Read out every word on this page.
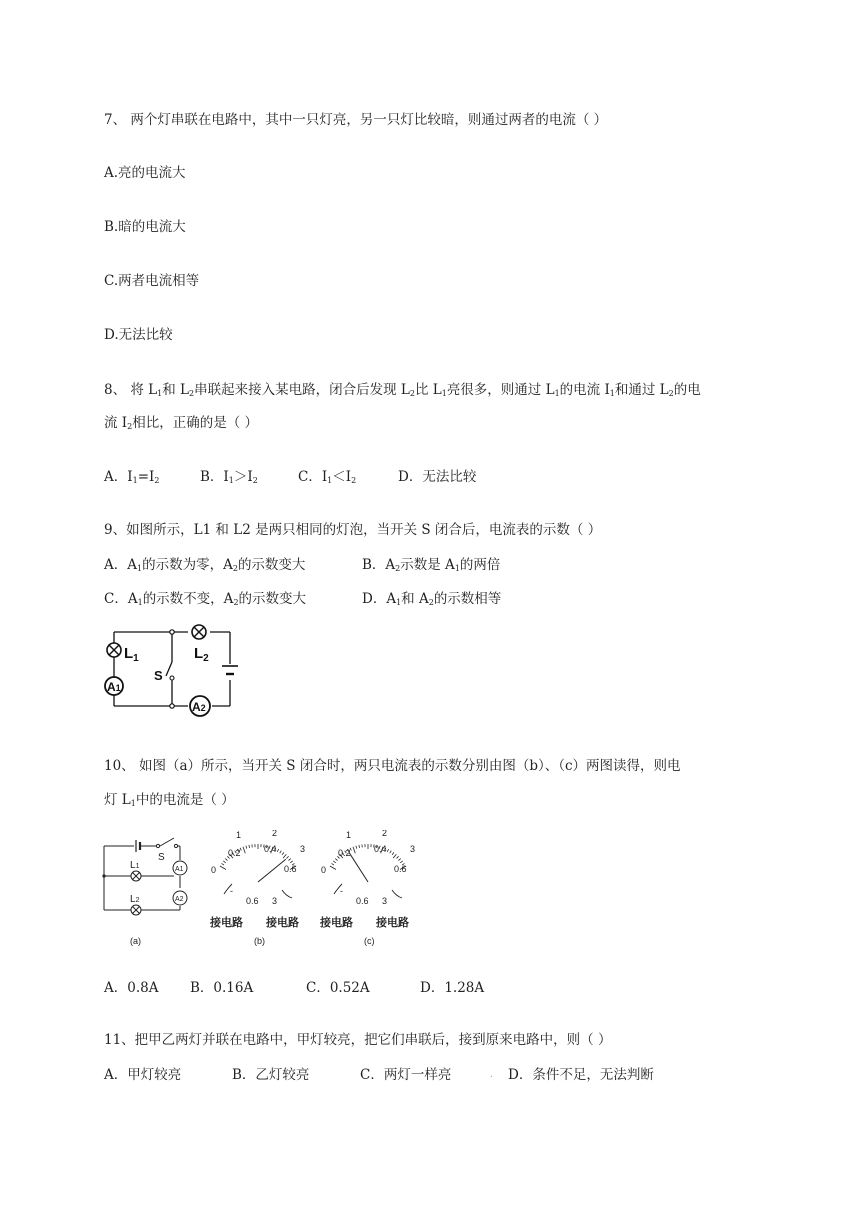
7、 两个灯串联在电路中，其中一只灯亮，另一只灯比较暗，则通过两者的电流（ ）
A.亮的电流大
B.暗的电流大
C.两者电流相等
D.无法比较
8、 将 $L_1$和 $L_2$串联起来接入某电路，闭合后发现 $L_2$比 $L_1$亮很多，则通过 $L_1$的电流 $I_1$和通过 $L_2$的电
流 $I_2$相比，正确的是（ ）
A．$I_1=I_2$	B．$I_1>I_2$	C．$I_1<I_2$	D．无法比较
9、如图所示，L1 和 L2 是两只相同的灯泡，当开关 S 闭合后，电流表的示数（ ）
A．$A_1$的示数为零，$A_2$的示数变大	B．$A_2$示数是 $A_1$的两倍
C．$A_1$的示数不变，$A_2$的示数变大	D．$A_1$和 $A_2$的示数相等
$L_1$	$L_2$
S
A1
A2
10、 如图（a）所示，当开关 S 闭合时，两只电流表的示数分别由图（b）、（c）两图读得，则电
灯 $L_1$中的电流是（ ）
A1
A2
S
L1
L2
(a)
0
0.2	0.4
0.6
1	2
3
-
0.6 3
接电路 接电路
(b)
0
0.2	0.4
0.6
1	2
3
-
0.6 3
接电路 接电路
(c)
A．0.8A B．0.16A	C．0.52A	D．1.28A
11、把甲乙两灯并联在电路中，甲灯较亮，把它们串联后，接到原来电路中，则（ ）
A．甲灯较亮	B．乙灯较亮	C．两灯一样亮	. D．条件不足，无法判断
